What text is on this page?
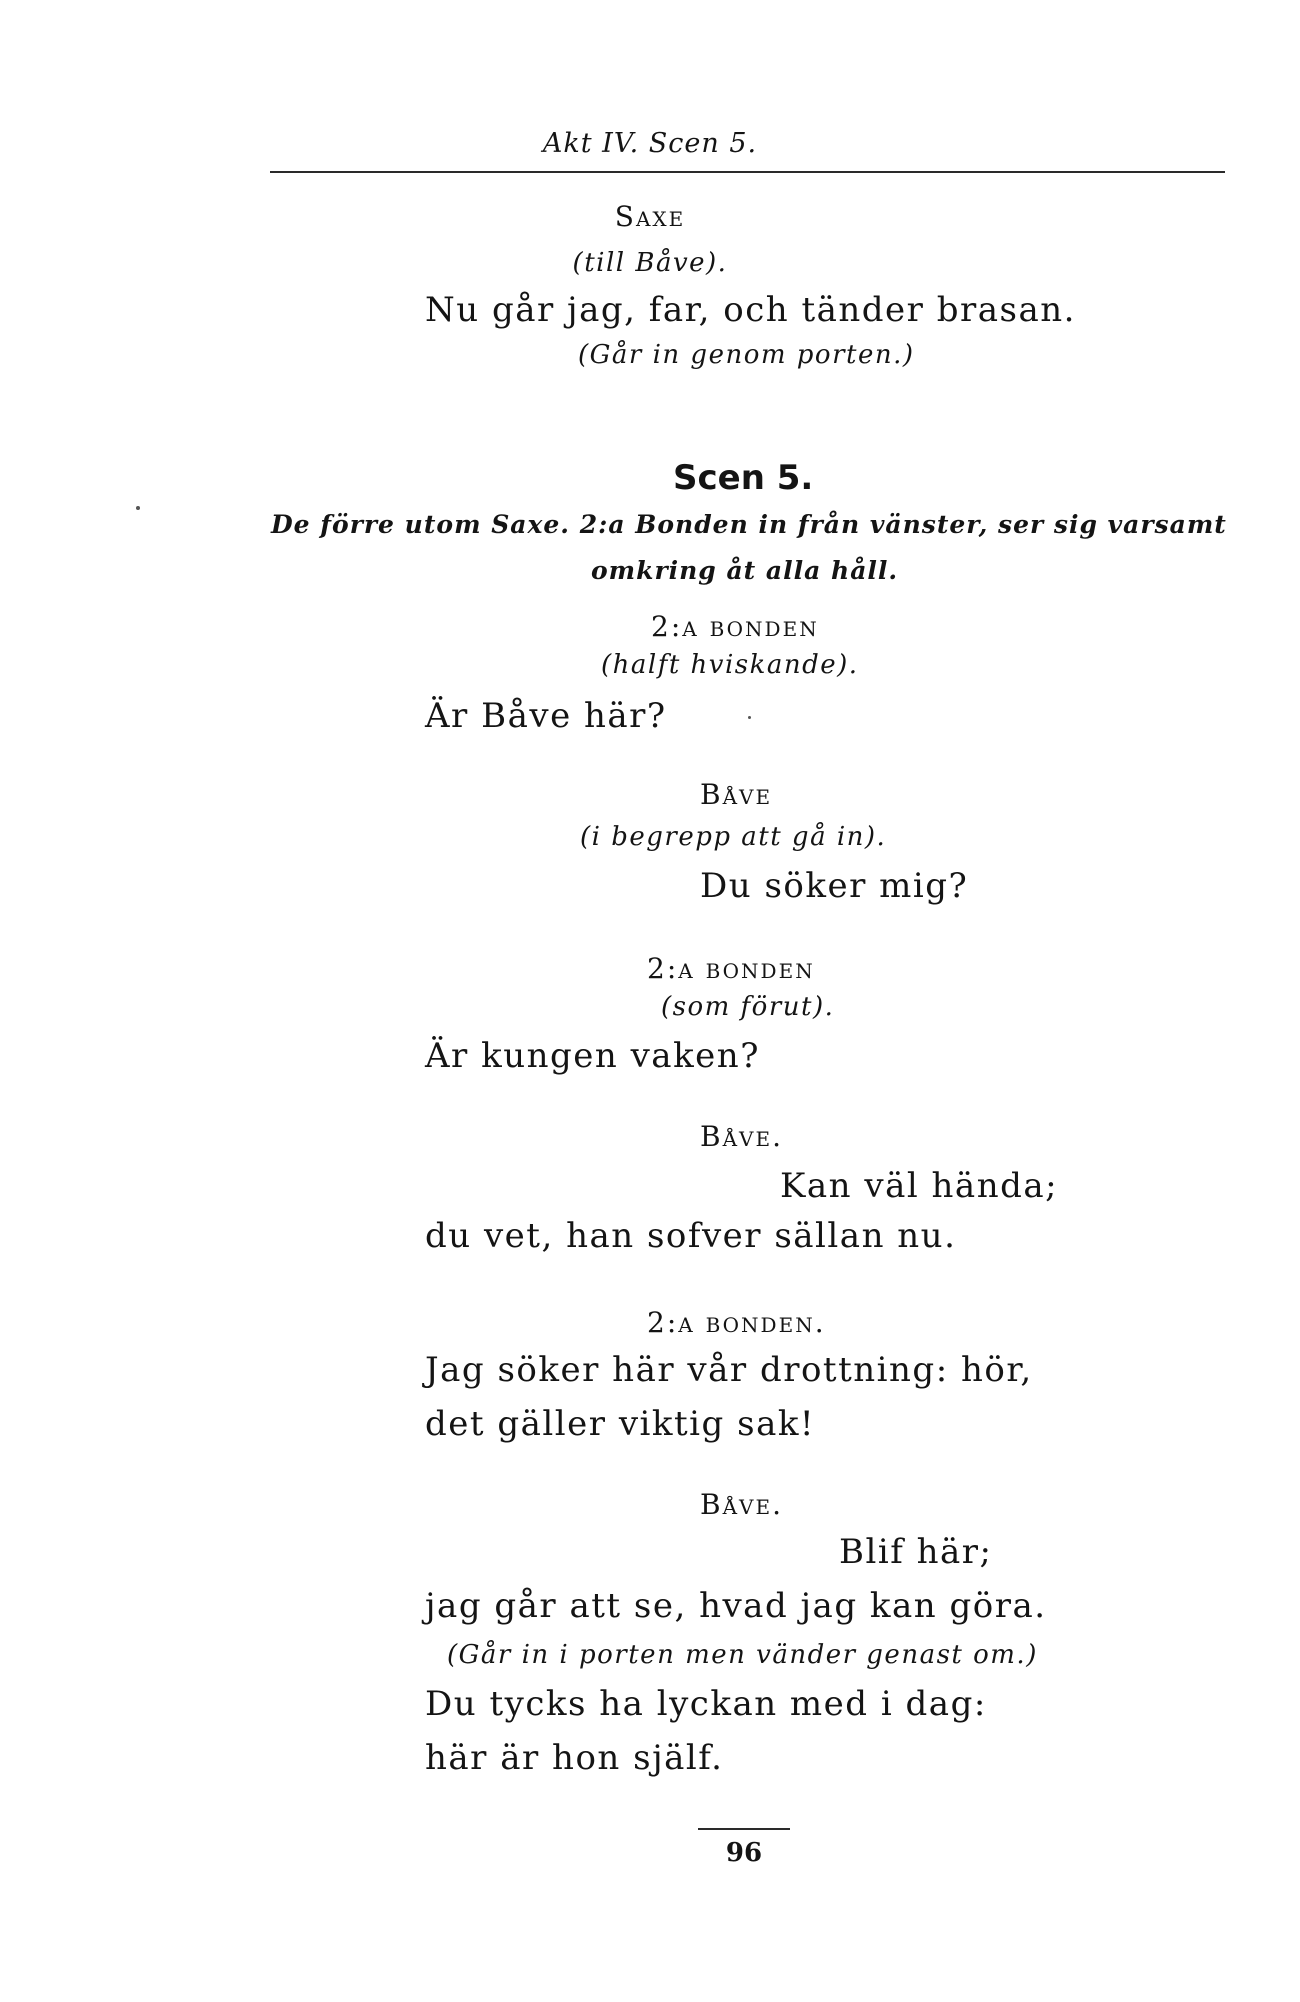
Akt IV. Scen 5.
Saxe
(till Båve).
Nu går jag, far, och tänder brasan.
(Går in genom porten.)
Scen 5.
De förre utom Saxe. 2:a Bonden in från vänster, ser sig varsamt
omkring åt alla håll.
2:a bonden
(halft hviskande).
Är Båve här?
Båve
(i begrepp att gå in).
Du söker mig?
2:a bonden
(som förut).
Är kungen vaken?
Båve.
Kan väl hända;
du vet, han sofver sällan nu.
2:a bonden.
Jag söker här vår drottning: hör,
det gäller viktig sak!
Båve.
Blif här;
jag går att se, hvad jag kan göra.
(Går in i porten men vänder genast om.)
Du tycks ha lyckan med i dag:
här är hon själf.
96
